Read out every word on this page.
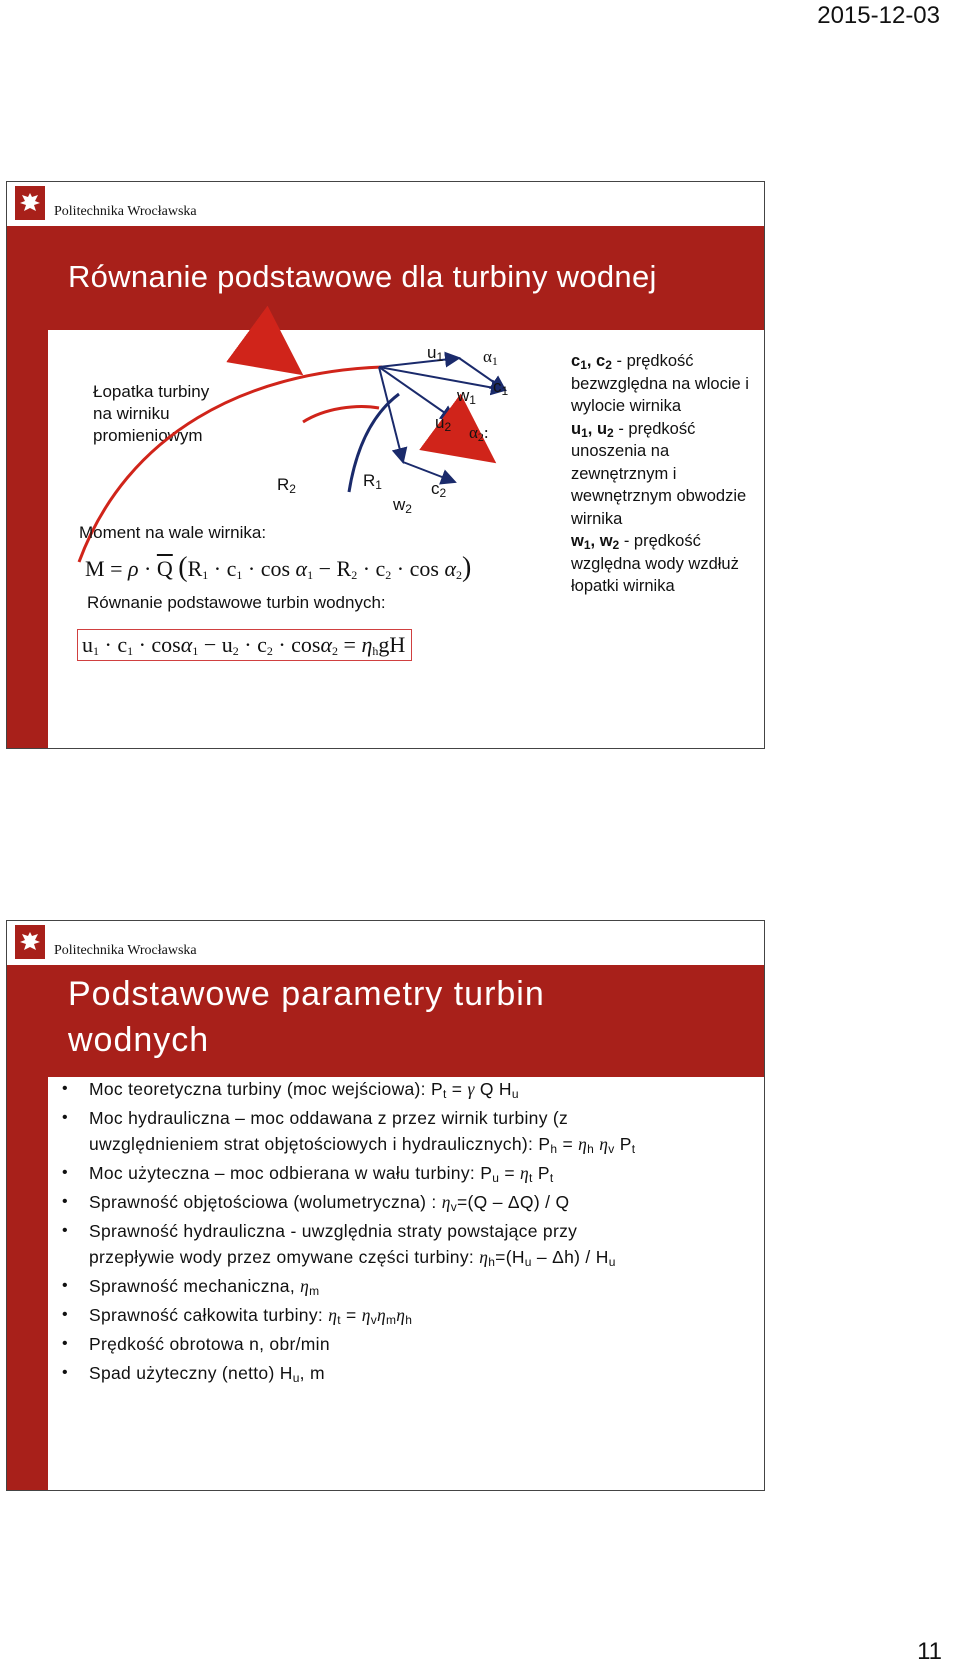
2015-12-03
Politechnika Wrocławska
Równanie podstawowe dla turbiny wodnej
Łopatka turbiny
na wirniku
promieniowym
$u_1$ $\alpha_1$
$c_1$
$w_1$
$u_2$ $\alpha_2$:
$R_2$	$R_1$	$c_2$
$w_2$
Moment na wale wirnika:
$M = \rho \cdot \overline{Q}$ $(R_1 \cdot c_1 \cdot \cos \alpha_1 - R_2 \cdot c_2 \cdot \cos \alpha_2)$
Równanie podstawowe turbin wodnych:
$u_1 \cdot c_1 \cdot \cos\alpha_1 - u_2 \cdot c_2 \cdot \cos\alpha_2 = \eta_hgH$
$c_1$, $c_2$ - prędkość bezwzględna na wlocie i wylocie wirnika
$u_1$, $u_2$ - prędkość unoszenia na zewnętrznym i wewnętrznym obwodzie wirnika
$w_1$, $w_2$ - prędkość względna wody wzdłuż łopatki wirnika
Politechnika Wrocławska
Podstawowe parametry turbin
wodnych
• Moc teoretyczna turbiny (moc wejściowa): $P_t = \gamma$ Q $H_u$
• Moc hydrauliczna – moc oddawana z przez wirnik turbiny (z
uwzględnieniem strat objętościowych i hydraulicznych): $P_h = \eta_h$ $\eta_v$ $P_t$
• Moc użyteczna – moc odbierana w wału turbiny: $P_u = \eta_t$ $P_t$
• Sprawność objętościowa (wolumetryczna) : $\eta_v=(Q - \Delta Q) / Q$
• Sprawność hydrauliczna - uwzględnia straty powstające przy
przepływie wody przez omywane części turbiny: $\eta_h=(H_u - \Delta h) / H_u$
• Sprawność mechaniczna, $\eta_m$
• Sprawność całkowita turbiny: $\eta_t = \eta_v\eta_m\eta_h$
• Prędkość obrotowa n, obr/min
• Spad użyteczny (netto) $H_u$, m
11
